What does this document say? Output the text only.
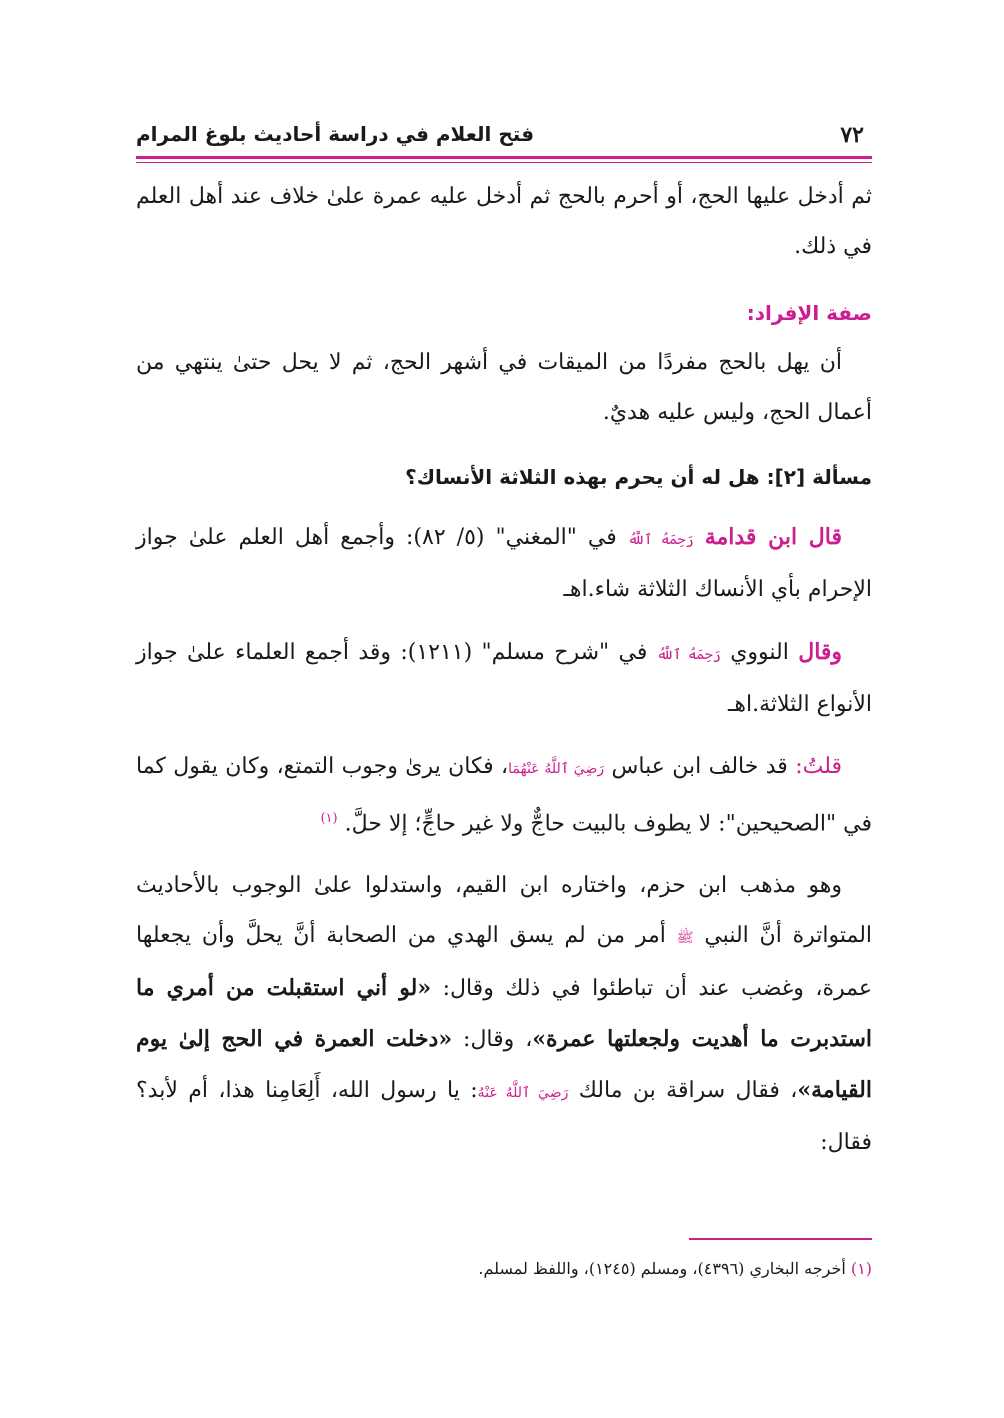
٧٢
فتح العلام في دراسة أحاديث بلوغ المرام

ثم أدخل عليها الحج، أو أحرم بالحج ثم أدخل عليه عمرة علىٰ خلاف عند أهل العلم في ذلك.

صفة الإفراد:

أن يهل بالحج مفردًا من الميقات في أشهر الحج، ثم لا يحل حتىٰ ينتهي من أعمال الحج، وليس عليه هديٌ.

مسألة [٢]: هل له أن يحرم بهذه الثلاثة الأنساك؟

قال ابن قدامة رَحِمَهُ ٱللَّهُ في "المغني" (٥/ ٨٢): وأجمع أهل العلم علىٰ جواز الإحرام بأي الأنساك الثلاثة شاء.اهـ

وقال النووي رَحِمَهُ ٱللَّهُ في "شرح مسلم" (١٢١١): وقد أجمع العلماء علىٰ جواز الأنواع الثلاثة.اهـ

قلتُ: قد خالف ابن عباس رَضِيَ ٱللَّهُ عَنْهُمَا، فكان يرىٰ وجوب التمتع، وكان يقول كما في "الصحيحين": لا يطوف بالبيت حاجٌّ ولا غير حاجٍّ؛ إلا حلَّ. $^{(١)}$

وهو مذهب ابن حزم، واختاره ابن القيم، واستدلوا علىٰ الوجوب بالأحاديث المتواترة أنَّ النبي ﷺ أمر من لم يسق الهدي من الصحابة أنَّ يحلَّ وأن يجعلها عمرة، وغضب عند أن تباطئوا في ذلك وقال: «لو أني استقبلت من أمري ما استدبرت ما أهديت ولجعلتها عمرة»، وقال: «دخلت العمرة في الحج إلىٰ يوم القيامة»، فقال سراقة بن مالك رَضِيَ ٱللَّهُ عَنْهُ: يا رسول الله، أَلِعَامِنا هذا، أم لأبد؟ فقال:

(١) أخرجه البخاري (٤٣٩٦)، ومسلم (١٢٤٥)، واللفظ لمسلم.
